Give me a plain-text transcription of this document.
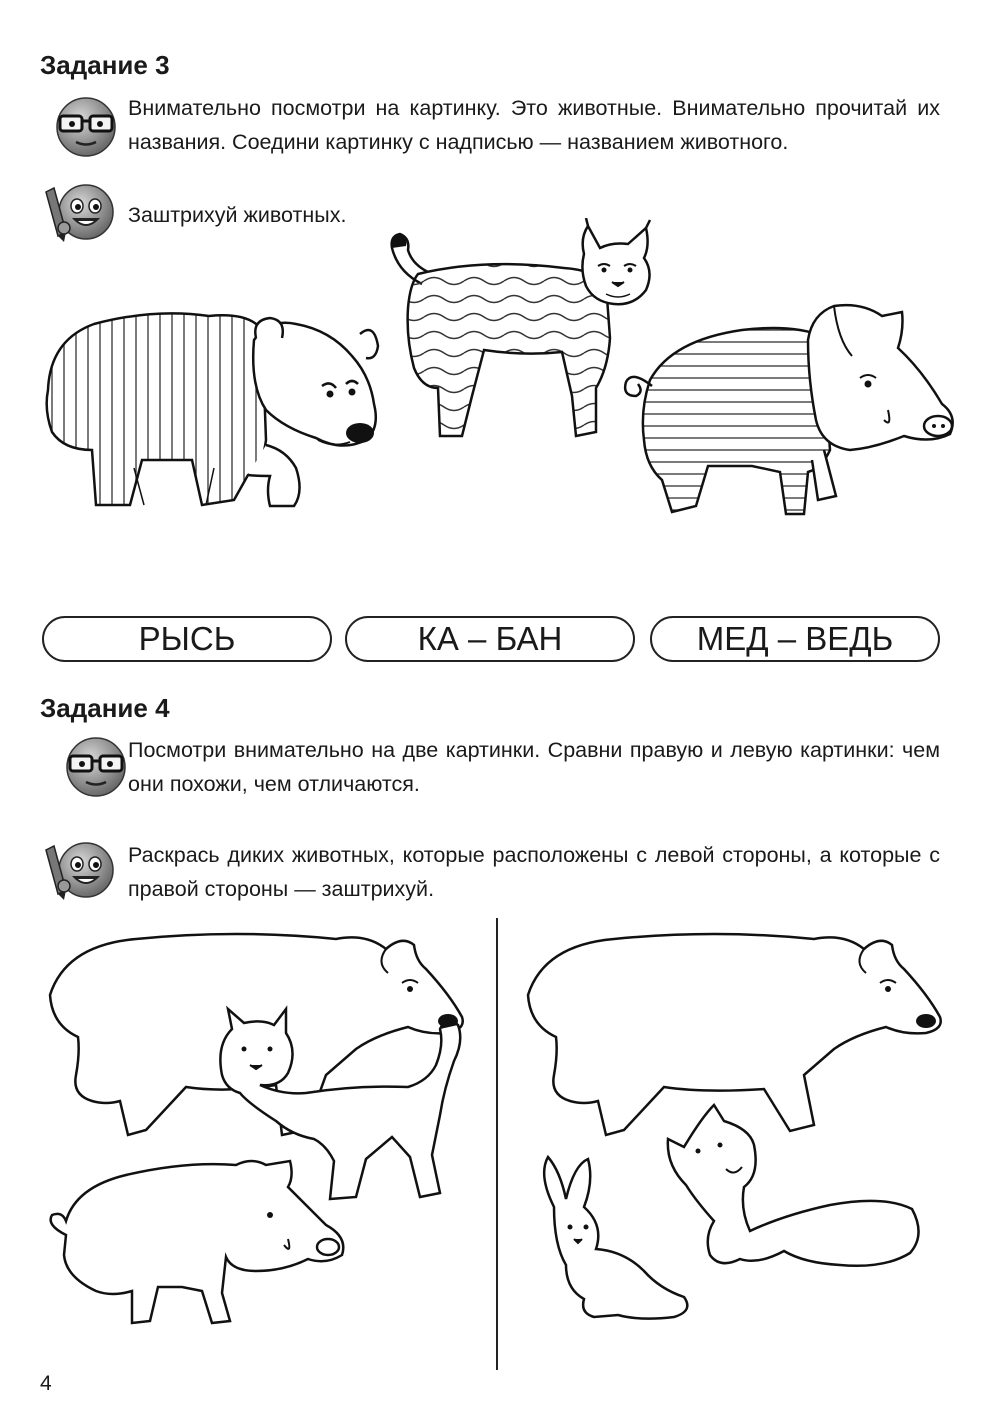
Задание 3
Внимательно посмотри на картинку. Это животные. Внимательно прочитай их названия. Соедини картинку с надписью — названием животного.
Заштрихуй животных.
РЫСЬ	КА – БАН	МЕД – ВЕДЬ
Задание 4
Посмотри внимательно на две картинки. Сравни правую и левую картинки: чем они похожи, чем отличаются.
Раскрась диких животных, которые расположены с левой стороны, а которые с правой стороны — заштрихуй.
4
